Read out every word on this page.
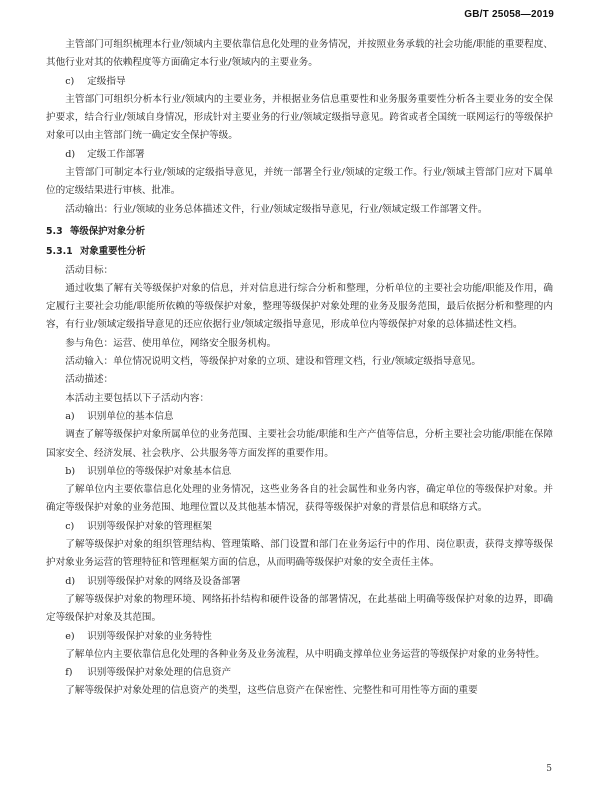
GB/T 25058—2019

主管部门可组织梳理本行业/领域内主要依靠信息化处理的业务情况，并按照业务承载的社会功能/职能的重要程度、其他行业对其的依赖程度等方面确定本行业/领域内的主要业务。

c) 定级指导

主管部门可组织分析本行业/领域内的主要业务，并根据业务信息重要性和业务服务重要性分析各主要业务的安全保护要求，结合行业/领域自身情况，形成针对主要业务的行业/领域定级指导意见。跨省或者全国统一联网运行的等级保护对象可以由主管部门统一确定安全保护等级。

d) 定级工作部署

主管部门可制定本行业/领域的定级指导意见，并统一部署全行业/领域的定级工作。行业/领域主管部门应对下属单位的定级结果进行审核、批准。

活动输出：行业/领域的业务总体描述文件，行业/领域定级指导意见，行业/领域定级工作部署文件。

5.3 等级保护对象分析
5.3.1 对象重要性分析

活动目标：

通过收集了解有关等级保护对象的信息，并对信息进行综合分析和整理，分析单位的主要社会功能/职能及作用，确定履行主要社会功能/职能所依赖的等级保护对象，整理等级保护对象处理的业务及服务范围，最后依据分析和整理的内容，有行业/领域定级指导意见的还应依据行业/领域定级指导意见，形成单位内等级保护对象的总体描述性文档。

参与角色：运营、使用单位，网络安全服务机构。

活动输入：单位情况说明文档，等级保护对象的立项、建设和管理文档，行业/领域定级指导意见。

活动描述：

本活动主要包括以下子活动内容：

a) 识别单位的基本信息

调查了解等级保护对象所属单位的业务范围、主要社会功能/职能和生产产值等信息，分析主要社会功能/职能在保障国家安全、经济发展、社会秩序、公共服务等方面发挥的重要作用。

b) 识别单位的等级保护对象基本信息

了解单位内主要依靠信息化处理的业务情况，这些业务各自的社会属性和业务内容，确定单位的等级保护对象。并确定等级保护对象的业务范围、地理位置以及其他基本情况，获得等级保护对象的背景信息和联络方式。

c) 识别等级保护对象的管理框架

了解等级保护对象的组织管理结构、管理策略、部门设置和部门在业务运行中的作用、岗位职责，获得支撑等级保护对象业务运营的管理特征和管理框架方面的信息，从而明确等级保护对象的安全责任主体。

d) 识别等级保护对象的网络及设备部署

了解等级保护对象的物理环境、网络拓扑结构和硬件设备的部署情况，在此基础上明确等级保护对象的边界，即确定等级保护对象及其范围。

e) 识别等级保护对象的业务特性

了解单位内主要依靠信息化处理的各种业务及业务流程，从中明确支撑单位业务运营的等级保护对象的业务特性。

f) 识别等级保护对象处理的信息资产

了解等级保护对象处理的信息资产的类型，这些信息资产在保密性、完整性和可用性等方面的重要

5
